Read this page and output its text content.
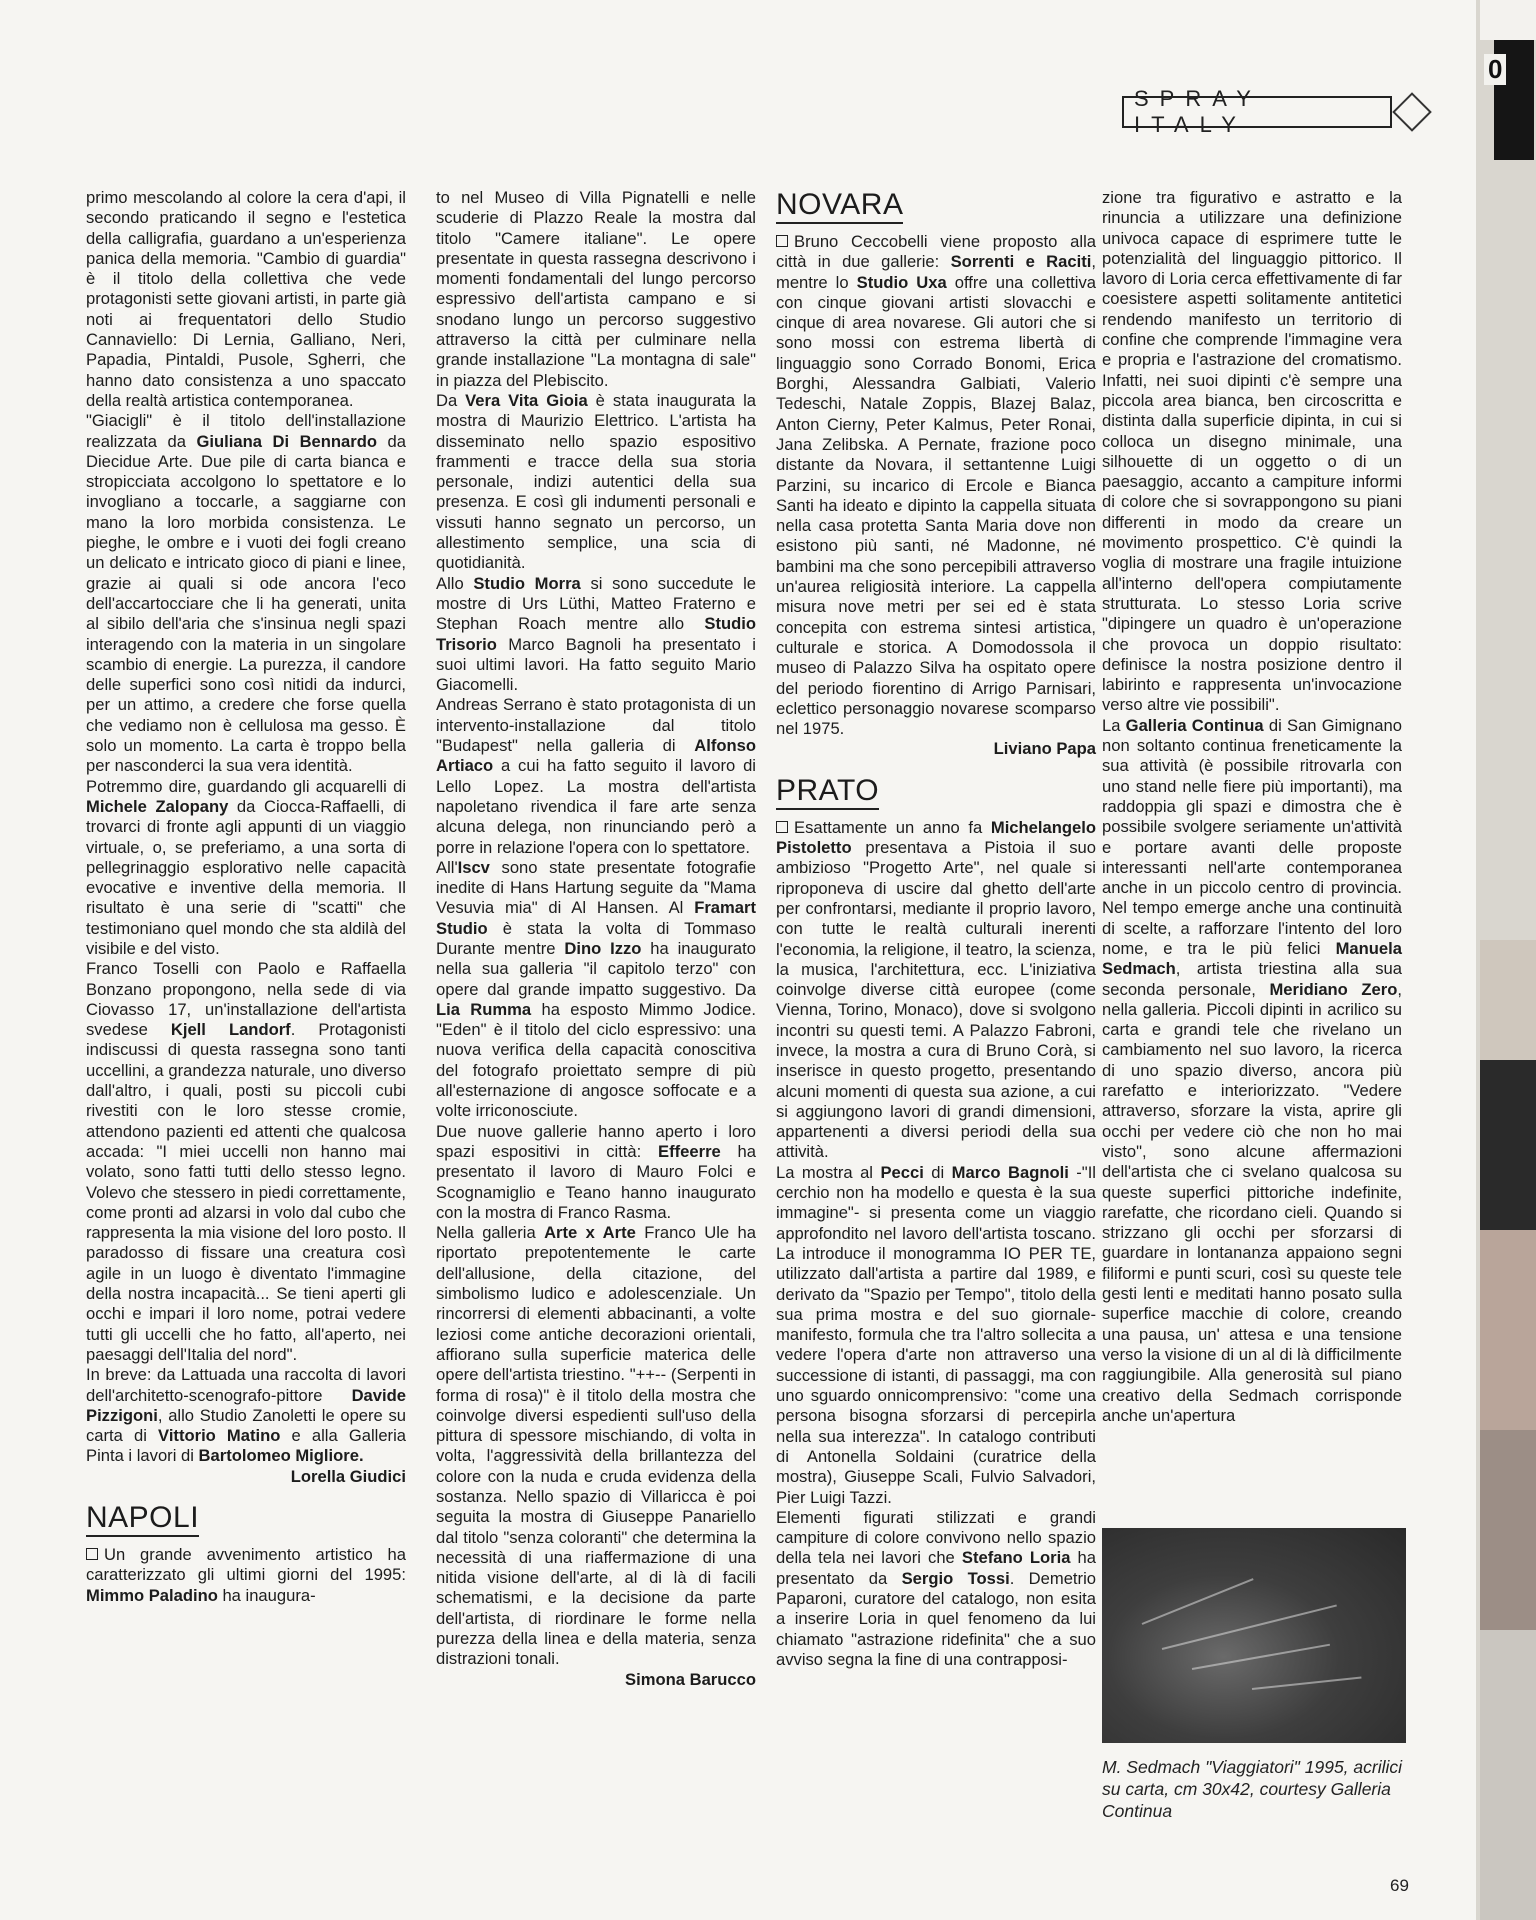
SPRAY ITALY

primo mescolando al colore la cera d'api, il secondo praticando il segno e l'estetica della calligrafia, guardano a un'esperienza panica della memoria. "Cambio di guardia" è il titolo della collettiva che vede protagonisti sette giovani artisti, in parte già noti ai frequentatori dello Studio Cannaviello: Di Lernia, Galliano, Neri, Papadia, Pintaldi, Pusole, Sgherri, che hanno dato consistenza a uno spaccato della realtà artistica contemporanea.

"Giacigli" è il titolo dell'installazione realizzata da Giuliana Di Bennardo da Diecidue Arte. Due pile di carta bianca e stropicciata accolgono lo spettatore e lo invogliano a toccarle, a saggiarne con mano la loro morbida consistenza. Le pieghe, le ombre e i vuoti dei fogli creano un delicato e intricato gioco di piani e linee, grazie ai quali si ode ancora l'eco dell'accartocciare che li ha generati, unita al sibilo dell'aria che s'insinua negli spazi interagendo con la materia in un singolare scambio di energie. La purezza, il candore delle superfici sono così nitidi da indurci, per un attimo, a credere che forse quella che vediamo non è cellulosa ma gesso. È solo un momento. La carta è troppo bella per nasconderci la sua vera identità.

Potremmo dire, guardando gli acquarelli di Michele Zalopany da Ciocca-Raffaelli, di trovarci di fronte agli appunti di un viaggio virtuale, o, se preferiamo, a una sorta di pellegrinaggio esplorativo nelle capacità evocative e inventive della memoria. Il risultato è una serie di "scatti" che testimoniano quel mondo che sta aldilà del visibile e del visto.

Franco Toselli con Paolo e Raffaella Bonzano propongono, nella sede di via Ciovasso 17, un'installazione dell'artista svedese Kjell Landorf. Protagonisti indiscussi di questa rassegna sono tanti uccellini, a grandezza naturale, uno diverso dall'altro, i quali, posti su piccoli cubi rivestiti con le loro stesse cromie, attendono pazienti ed attenti che qualcosa accada: "I miei uccelli non hanno mai volato, sono fatti tutti dello stesso legno. Volevo che stessero in piedi correttamente, come pronti ad alzarsi in volo dal cubo che rappresenta la mia visione del loro posto. Il paradosso di fissare una creatura così agile in un luogo è diventato l'immagine della nostra incapacità... Se tieni aperti gli occhi e impari il loro nome, potrai vedere tutti gli uccelli che ho fatto, all'aperto, nei paesaggi dell'Italia del nord".

In breve: da Lattuada una raccolta di lavori dell'architetto-scenografo-pittore Davide Pizzigoni, allo Studio Zanoletti le opere su carta di Vittorio Matino e alla Galleria Pinta i lavori di Bartolomeo Migliore.

Lorella Giudici

NAPOLI

Un grande avvenimento artistico ha caratterizzato gli ultimi giorni del 1995: Mimmo Paladino ha inaugura-

to nel Museo di Villa Pignatelli e nelle scuderie di Plazzo Reale la mostra dal titolo "Camere italiane". Le opere presentate in questa rassegna descrivono i momenti fondamentali del lungo percorso espressivo dell'artista campano e si snodano lungo un percorso suggestivo attraverso la città per culminare nella grande installazione "La montagna di sale" in piazza del Plebiscito.

Da Vera Vita Gioia è stata inaugurata la mostra di Maurizio Elettrico. L'artista ha disseminato nello spazio espositivo frammenti e tracce della sua storia personale, indizi autentici della sua presenza. E così gli indumenti personali e vissuti hanno segnato un percorso, un allestimento semplice, una scia di quotidianità.

Allo Studio Morra si sono succedute le mostre di Urs Lüthi, Matteo Fraterno e Stephan Roach mentre allo Studio Trisorio Marco Bagnoli ha presentato i suoi ultimi lavori. Ha fatto seguito Mario Giacomelli.

Andreas Serrano è stato protagonista di un intervento-installazione dal titolo "Budapest" nella galleria di Alfonso Artiaco a cui ha fatto seguito il lavoro di Lello Lopez. La mostra dell'artista napoletano rivendica il fare arte senza alcuna delega, non rinunciando però a porre in relazione l'opera con lo spettatore.

All'Iscv sono state presentate fotografie inedite di Hans Hartung seguite da "Mama Vesuvia mia" di Al Hansen. Al Framart Studio è stata la volta di Tommaso Durante mentre Dino Izzo ha inaugurato nella sua galleria "il capitolo terzo" con opere dal grande impatto suggestivo. Da Lia Rumma ha esposto Mimmo Jodice. "Eden" è il titolo del ciclo espressivo: una nuova verifica della capacità conoscitiva del fotografo proiettato sempre di più all'esternazione di angosce soffocate e a volte irriconosciute.

Due nuove gallerie hanno aperto i loro spazi espositivi in città: Effeerre ha presentato il lavoro di Mauro Folci e Scognamiglio e Teano hanno inaugurato con la mostra di Franco Rasma.

Nella galleria Arte x Arte Franco Ule ha riportato prepotentemente le carte dell'allusione, della citazione, del simbolismo ludico e adolescenziale. Un rincorrersi di elementi abbacinanti, a volte leziosi come antiche decorazioni orientali, affiorano sulla superficie materica delle opere dell'artista triestino. "++-- (Serpenti in forma di rosa)" è il titolo della mostra che coinvolge diversi espedienti sull'uso della pittura di spessore mischiando, di volta in volta, l'aggressività della brillantezza del colore con la nuda e cruda evidenza della sostanza. Nello spazio di Villaricca è poi seguita la mostra di Giuseppe Panariello dal titolo "senza coloranti" che determina la necessità di una riaffermazione di una nitida visione dell'arte, al di là di facili schematismi, e la decisione da parte dell'artista, di riordinare le forme nella purezza della linea e della materia, senza distrazioni tonali.

Simona Barucco

NOVARA

Bruno Ceccobelli viene proposto alla città in due gallerie: Sorrenti e Raciti, mentre lo Studio Uxa offre una collettiva con cinque giovani artisti slovacchi e cinque di area novarese. Gli autori che si sono mossi con estrema libertà di linguaggio sono Corrado Bonomi, Erica Borghi, Alessandra Galbiati, Valerio Tedeschi, Natale Zoppis, Blazej Balaz, Anton Cierny, Peter Kalmus, Peter Ronai, Jana Zelibska. A Pernate, frazione poco distante da Novara, il settantenne Luigi Parzini, su incarico di Ercole e Bianca Santi ha ideato e dipinto la cappella situata nella casa protetta Santa Maria dove non esistono più santi, né Madonne, né bambini ma che sono percepibili attraverso un'aurea religiosità interiore. La cappella misura nove metri per sei ed è stata concepita con estrema sintesi artistica, culturale e storica. A Domodossola il museo di Palazzo Silva ha ospitato opere del periodo fiorentino di Arrigo Parnisari, eclettico personaggio novarese scomparso nel 1975.

Liviano Papa

PRATO

Esattamente un anno fa Michelangelo Pistoletto presentava a Pistoia il suo ambizioso "Progetto Arte", nel quale si riproponeva di uscire dal ghetto dell'arte per confrontarsi, mediante il proprio lavoro, con tutte le realtà culturali inerenti l'economia, la religione, il teatro, la scienza, la musica, l'architettura, ecc. L'iniziativa coinvolge diverse città europee (come Vienna, Torino, Monaco), dove si svolgono incontri su questi temi. A Palazzo Fabroni, invece, la mostra a cura di Bruno Corà, si inserisce in questo progetto, presentando alcuni momenti di questa sua azione, a cui si aggiungono lavori di grandi dimensioni, appartenenti a diversi periodi della sua attività.

La mostra al Pecci di Marco Bagnoli -"Il cerchio non ha modello e questa è la sua immagine"- si presenta come un viaggio approfondito nel lavoro dell'artista toscano. La introduce il monogramma IO PER TE, utilizzato dall'artista a partire dal 1989, e derivato da "Spazio per Tempo", titolo della sua prima mostra e del suo giornale-manifesto, formula che tra l'altro sollecita a vedere l'opera d'arte non attraverso una successione di istanti, di passaggi, ma con uno sguardo onnicomprensivo: "come una persona bisogna sforzarsi di percepirla nella sua interezza". In catalogo contributi di Antonella Soldaini (curatrice della mostra), Giuseppe Scali, Fulvio Salvadori, Pier Luigi Tazzi.

Elementi figurati stilizzati e grandi campiture di colore convivono nello spazio della tela nei lavori che Stefano Loria ha presentato da Sergio Tossi. Demetrio Paparoni, curatore del catalogo, non esita a inserire Loria in quel fenomeno da lui chiamato "astrazione ridefinita" che a suo avviso segna la fine di una contrapposi-

zione tra figurativo e astratto e la rinuncia a utilizzare una definizione univoca capace di esprimere tutte le potenzialità del linguaggio pittorico. Il lavoro di Loria cerca effettivamente di far coesistere aspetti solitamente antitetici rendendo manifesto un territorio di confine che comprende l'immagine vera e propria e l'astrazione del cromatismo. Infatti, nei suoi dipinti c'è sempre una piccola area bianca, ben circoscritta e distinta dalla superficie dipinta, in cui si colloca un disegno minimale, una silhouette di un oggetto o di un paesaggio, accanto a campiture informi di colore che si sovrappongono su piani differenti in modo da creare un movimento prospettico. C'è quindi la voglia di mostrare una fragile intuizione all'interno dell'opera compiutamente strutturata. Lo stesso Loria scrive "dipingere un quadro è un'operazione che provoca un doppio risultato: definisce la nostra posizione dentro il labirinto e rappresenta un'invocazione verso altre vie possibili".

La Galleria Continua di San Gimignano non soltanto continua freneticamente la sua attività (è possibile ritrovarla con uno stand nelle fiere più importanti), ma raddoppia gli spazi e dimostra che è possibile svolgere seriamente un'attività e portare avanti delle proposte interessanti nell'arte contemporanea anche in un piccolo centro di provincia. Nel tempo emerge anche una continuità di scelte, a rafforzare l'intento del loro nome, e tra le più felici Manuela Sedmach, artista triestina alla sua seconda personale, Meridiano Zero, nella galleria. Piccoli dipinti in acrilico su carta e grandi tele che rivelano un cambiamento nel suo lavoro, la ricerca di uno spazio diverso, ancora più rarefatto e interiorizzato. "Vedere attraverso, sforzare la vista, aprire gli occhi per vedere ciò che non ho mai visto", sono alcune affermazioni dell'artista che ci svelano qualcosa su queste superfici pittoriche indefinite, rarefatte, che ricordano cieli. Quando si strizzano gli occhi per sforzarsi di guardare in lontananza appaiono segni filiformi e punti scuri, così su queste tele gesti lenti e meditati hanno posato sulla superfice macchie di colore, creando una pausa, un' attesa e una tensione verso la visione di un al di là difficilmente raggiungibile. Alla generosità sul piano creativo della Sedmach corrisponde anche un'apertura

M. Sedmach "Viaggiatori" 1995, acrilici su carta, cm 30x42, courtesy Galleria Continua
69
0
